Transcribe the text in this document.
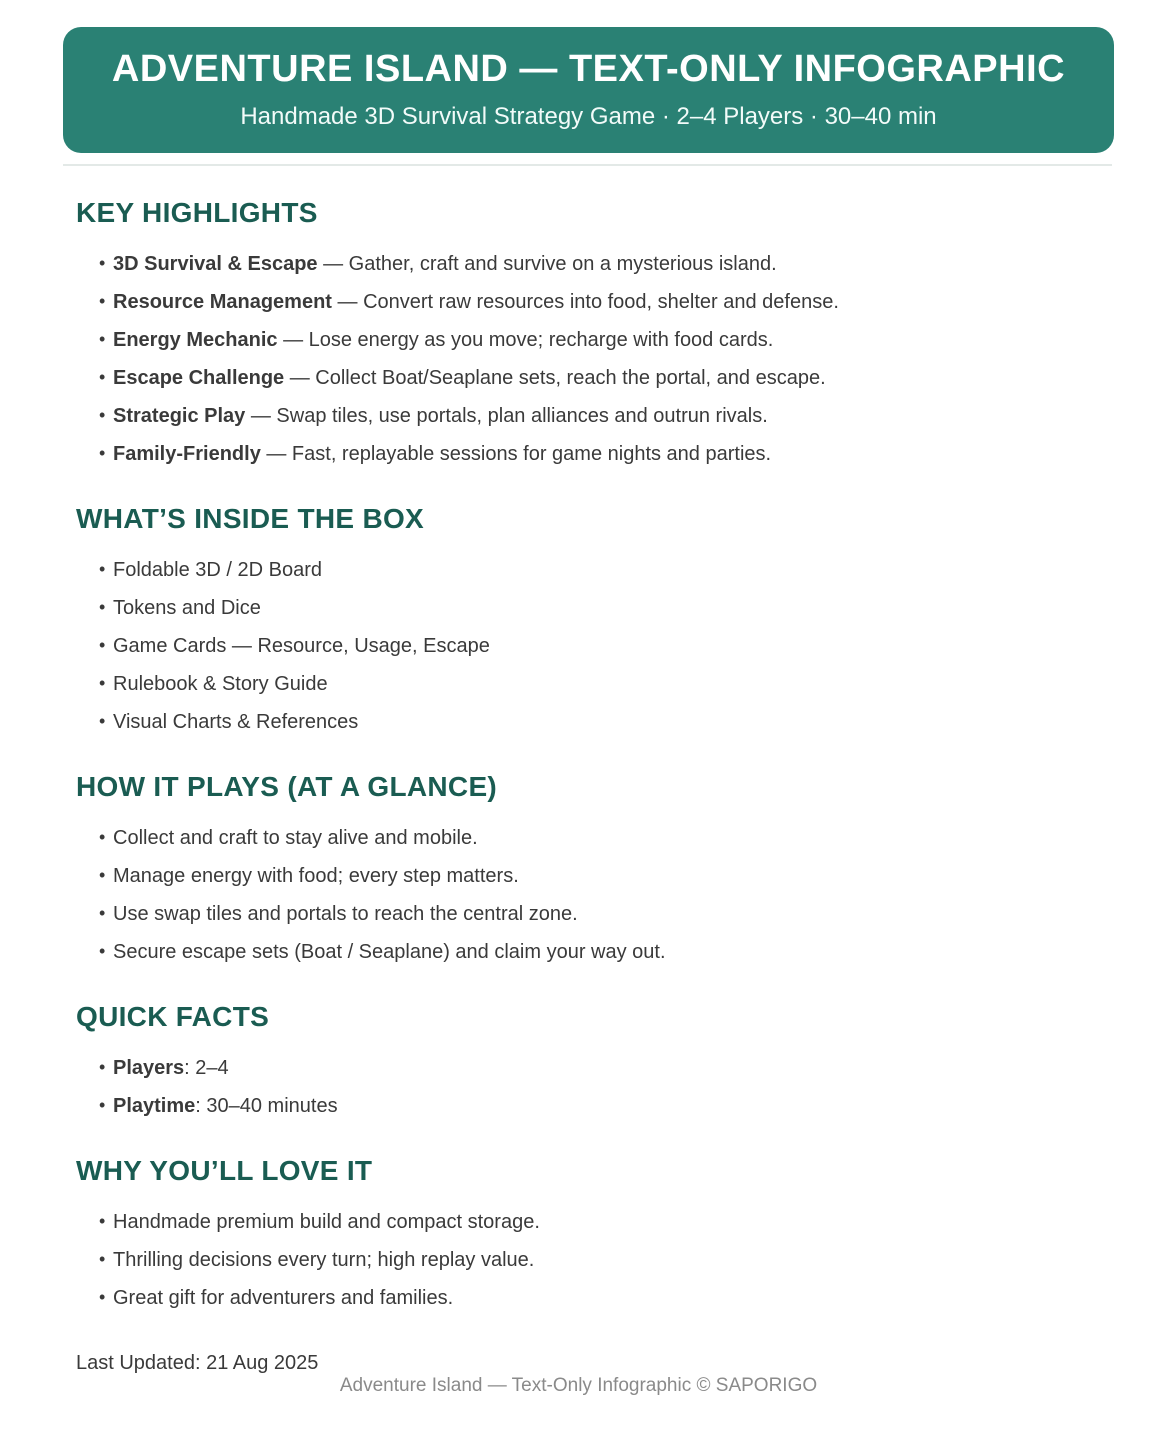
ADVENTURE ISLAND — TEXT-ONLY INFOGRAPHIC
Handmade 3D Survival Strategy Game · 2–4 Players · 30–40 min
KEY HIGHLIGHTS
• 3D Survival & Escape — Gather, craft and survive on a mysterious island.
• Resource Management — Convert raw resources into food, shelter and defense.
• Energy Mechanic — Lose energy as you move; recharge with food cards.
• Escape Challenge — Collect Boat/Seaplane sets, reach the portal, and escape.
• Strategic Play — Swap tiles, use portals, plan alliances and outrun rivals.
• Family-Friendly — Fast, replayable sessions for game nights and parties.
WHAT’S INSIDE THE BOX
• Foldable 3D / 2D Board
• Tokens and Dice
• Game Cards — Resource, Usage, Escape
• Rulebook & Story Guide
• Visual Charts & References
HOW IT PLAYS (AT A GLANCE)
• Collect and craft to stay alive and mobile.
• Manage energy with food; every step matters.
• Use swap tiles and portals to reach the central zone.
• Secure escape sets (Boat / Seaplane) and claim your way out.
QUICK FACTS
• Players: 2–4
• Playtime: 30–40 minutes
WHY YOU’LL LOVE IT
• Handmade premium build and compact storage.
• Thrilling decisions every turn; high replay value.
• Great gift for adventurers and families.
Last Updated: 21 Aug 2025
Adventure Island — Text-Only Infographic © SAPORIGO
